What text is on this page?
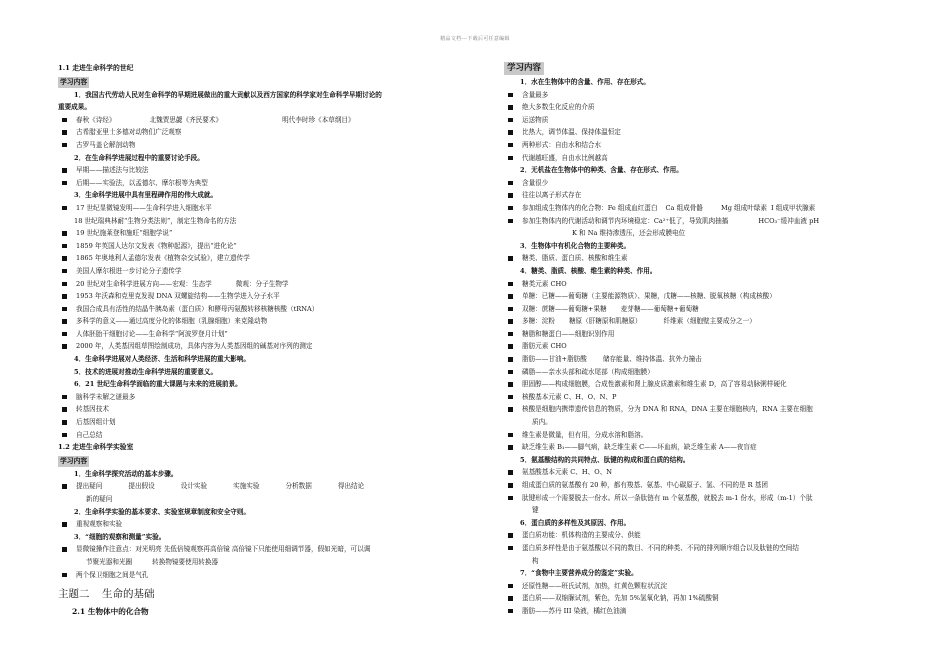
精品文档---下载后可任意编辑
1.1 走进生命科学的世纪
学习内容
1．我国古代劳动人民对生命科学的早期进展做出的重大贡献以及西方国家的科学家对生命科学早期讨论的
重要成果。
春秋《诗经》	北魏贾思勰《齐民要术》	明代李时珍《本草纲目》
古希腊亚里士多德对动物们广泛观察
古罗马盖仑解剖动物
2．在生命科学进展过程中的重要讨论手段。
早期——描述法与比较法
后期——实验法，以孟德尔、摩尔根等为典型
3．生命科学进展中具有里程碑作用的伟大成就。
17 世纪显微镜发明——生命科学进入细胞水平
18 世纪瑞典林耐“生物分类法则”，制定生物命名的方法
19 世纪施莱登和施旺“细胞学说”
1859 年英国人达尔文发表《物种起源》，提出“进化论”
1865 年奥地利人孟德尔发表《植物杂交试验》，建立遗传学
美国人摩尔根进一步讨论分子遗传学
20 世纪对生命科学进展方向——宏观：生态学	微观：分子生物学
1953 年沃森和克里克发现 DNA 双螺旋结构——生物学进入分子水平
我国合成具有活性的结晶牛胰岛素（蛋白质）和酵母丙氨酸转移核糖核酸（tRNA）
多科学的意义——通过高度分化的体细胞（乳腺细胞）来克隆动物
人体胚胎干细胞讨论——生命科学“阿波罗登月计划”
2000 年，人类基因组草图绘制成功，具体内容为人类基因组的碱基对序列的测定
4．生命科学进展对人类经济、生活和科学进展的重大影响。
5．技术的进展对推动生命科学进展的重要意义。
6．21 世纪生命科学面临的重大课题与未来的进展前景。
脑科学未解之谜最多
转基因技术
后基因组计划
自己总结
1.2 走进生命科学实验室
学习内容
1．生命科学探究活动的基本步骤。
提出疑问	提出假设	设计实验	实施实验	分析数据	得出结论
新的疑问
2．生命科学实验的基本要求、实验室规章制度和安全守则。
重视观察和实验
3．“细胞的观察和测量”实验。
显微镜操作注意点：对光明亮 先低倍镜观察再高倍镜 高倍镜下只能使用细调节器，假如光暗，可以调
节聚光器和光圈	转换物镜要使用转换器
两个保卫细胞之间是气孔
主题二 生命的基础
2.1 生物体中的化合物
学习内容
1．水在生物体中的含量、作用、存在形式。
含量最多
绝大多数生化反应的介质
运送物质
比热大，调节体温、保持体温恒定
两种形式：自由水和结合水
代谢越旺盛，自由水比例越高
2．无机盐在生物体中的种类、含量、存在形式、作用。
含量很少
往往以离子形式存在
参加组成生物体内的化合物：Fe 组成血红蛋白 Ca 组成骨骼	Mg 组成叶绿素 I 组成甲状腺素
参加生物体内的代谢活动和调节内环境稳定：Ca²⁺低了，导致肌肉抽搐	HCO₃⁻缓冲血液 pH
K 和 Na 维持渗透压，还会形成膜电位
3．生物体中有机化合物的主要种类。
糖类、脂质、蛋白质、核酸和维生素
4．糖类、脂质、核酸、维生素的种类、作用。
糖类元素 CHO
单糖：已糖——葡萄糖（主要能源物质）、果糖，戊糖——核糖、脱氧核糖（构成核酸）
双糖：蔗糖——葡萄糖+果糖 麦芽糖——葡萄糖+葡萄糖
多糖：淀粉 糖原（肝糖原和肌糖原）	纤维素（细胞壁主要成分之一）
糖脂和糖蛋白——细胞识别作用
脂肪元素 CHO
脂肪——甘油+脂肪酸 储存能量、维持体温、抗外力撞击
磷脂——亲水头部和疏水尾部（构成细胞膜）
胆固醇——构成细胞膜，合成性激素和肾上腺皮质激素和维生素 D，高了容易动脉粥样硬化
核酸基本元素 C、H、O、N、P
核酸是细胞内携带遗传信息的物质，分为 DNA 和 RNA，DNA 主要在细胞核内，RNA 主要在细胞
质内。
维生素是微量，但有用，分成水溶和脂溶。
缺乏维生素 B₁——脚气病，缺乏维生素 C——坏血病，缺乏维生素 A——夜盲症
5．氨基酸结构的共同特点、肽键的构成和蛋白质的结构。
氨基酸基本元素 C、H、O、N
组成蛋白质的氨基酸有 20 种，都有羧基、氨基、中心碳原子、氢、不同的是 R 基团
肽键形成一个需要脱去一份水。所以一条肽链有 m 个氨基酸，就脱去 m-1 份水，形成（m-1）个肽
键
6．蛋白质的多样性及其原因、作用。
蛋白质功能：机体构造的主要成分、供能
蛋白质多样性是由于氨基酸以不同的数目、不同的种类、不同的排列顺序组合以及肽链的空间结
构
7．“食物中主要营养成分的鉴定”实验。
还原性糖——班氏试剂，加热，红黄色颗粒状沉淀
蛋白质——双缩脲试剂，紫色，先加 5%氢氧化钠，再加 1%硫酸铜
脂肪——苏丹 III 染液，橘红色油滴
